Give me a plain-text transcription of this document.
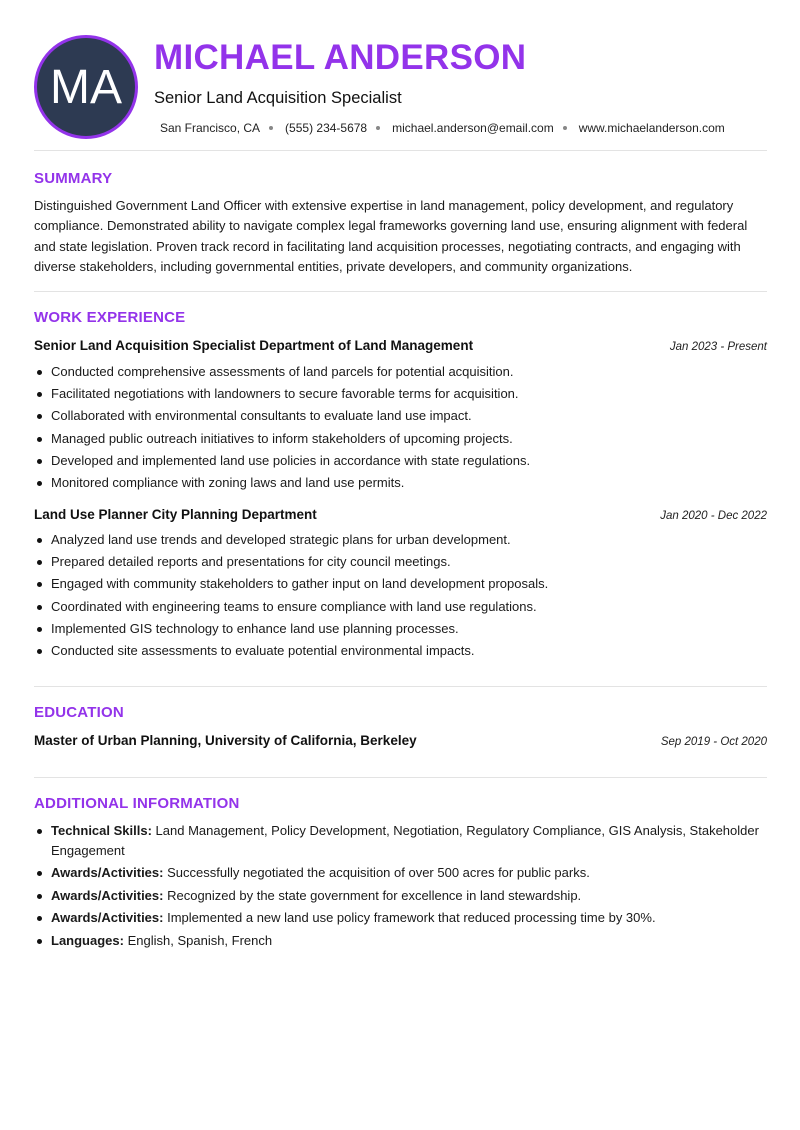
MA
MICHAEL ANDERSON
Senior Land Acquisition Specialist
San Francisco, CA (555) 234-5678 michael.anderson@email.com www.michaelanderson.com
SUMMARY
Distinguished Government Land Officer with extensive expertise in land management, policy development, and regulatory compliance. Demonstrated ability to navigate complex legal frameworks governing land use, ensuring alignment with federal and state legislation. Proven track record in facilitating land acquisition processes, negotiating contracts, and engaging with diverse stakeholders, including governmental entities, private developers, and community organizations.
WORK EXPERIENCE
Senior Land Acquisition Specialist Department of Land Management	Jan 2023 - Present
Conducted comprehensive assessments of land parcels for potential acquisition.
Facilitated negotiations with landowners to secure favorable terms for acquisition.
Collaborated with environmental consultants to evaluate land use impact.
Managed public outreach initiatives to inform stakeholders of upcoming projects.
Developed and implemented land use policies in accordance with state regulations.
Monitored compliance with zoning laws and land use permits.
Land Use Planner City Planning Department	Jan 2020 - Dec 2022
Analyzed land use trends and developed strategic plans for urban development.
Prepared detailed reports and presentations for city council meetings.
Engaged with community stakeholders to gather input on land development proposals.
Coordinated with engineering teams to ensure compliance with land use regulations.
Implemented GIS technology to enhance land use planning processes.
Conducted site assessments to evaluate potential environmental impacts.
EDUCATION
Master of Urban Planning, University of California, Berkeley	Sep 2019 - Oct 2020
ADDITIONAL INFORMATION
Technical Skills: Land Management, Policy Development, Negotiation, Regulatory Compliance, GIS Analysis, Stakeholder Engagement
Awards/Activities: Successfully negotiated the acquisition of over 500 acres for public parks.
Awards/Activities: Recognized by the state government for excellence in land stewardship.
Awards/Activities: Implemented a new land use policy framework that reduced processing time by 30%.
Languages: English, Spanish, French
